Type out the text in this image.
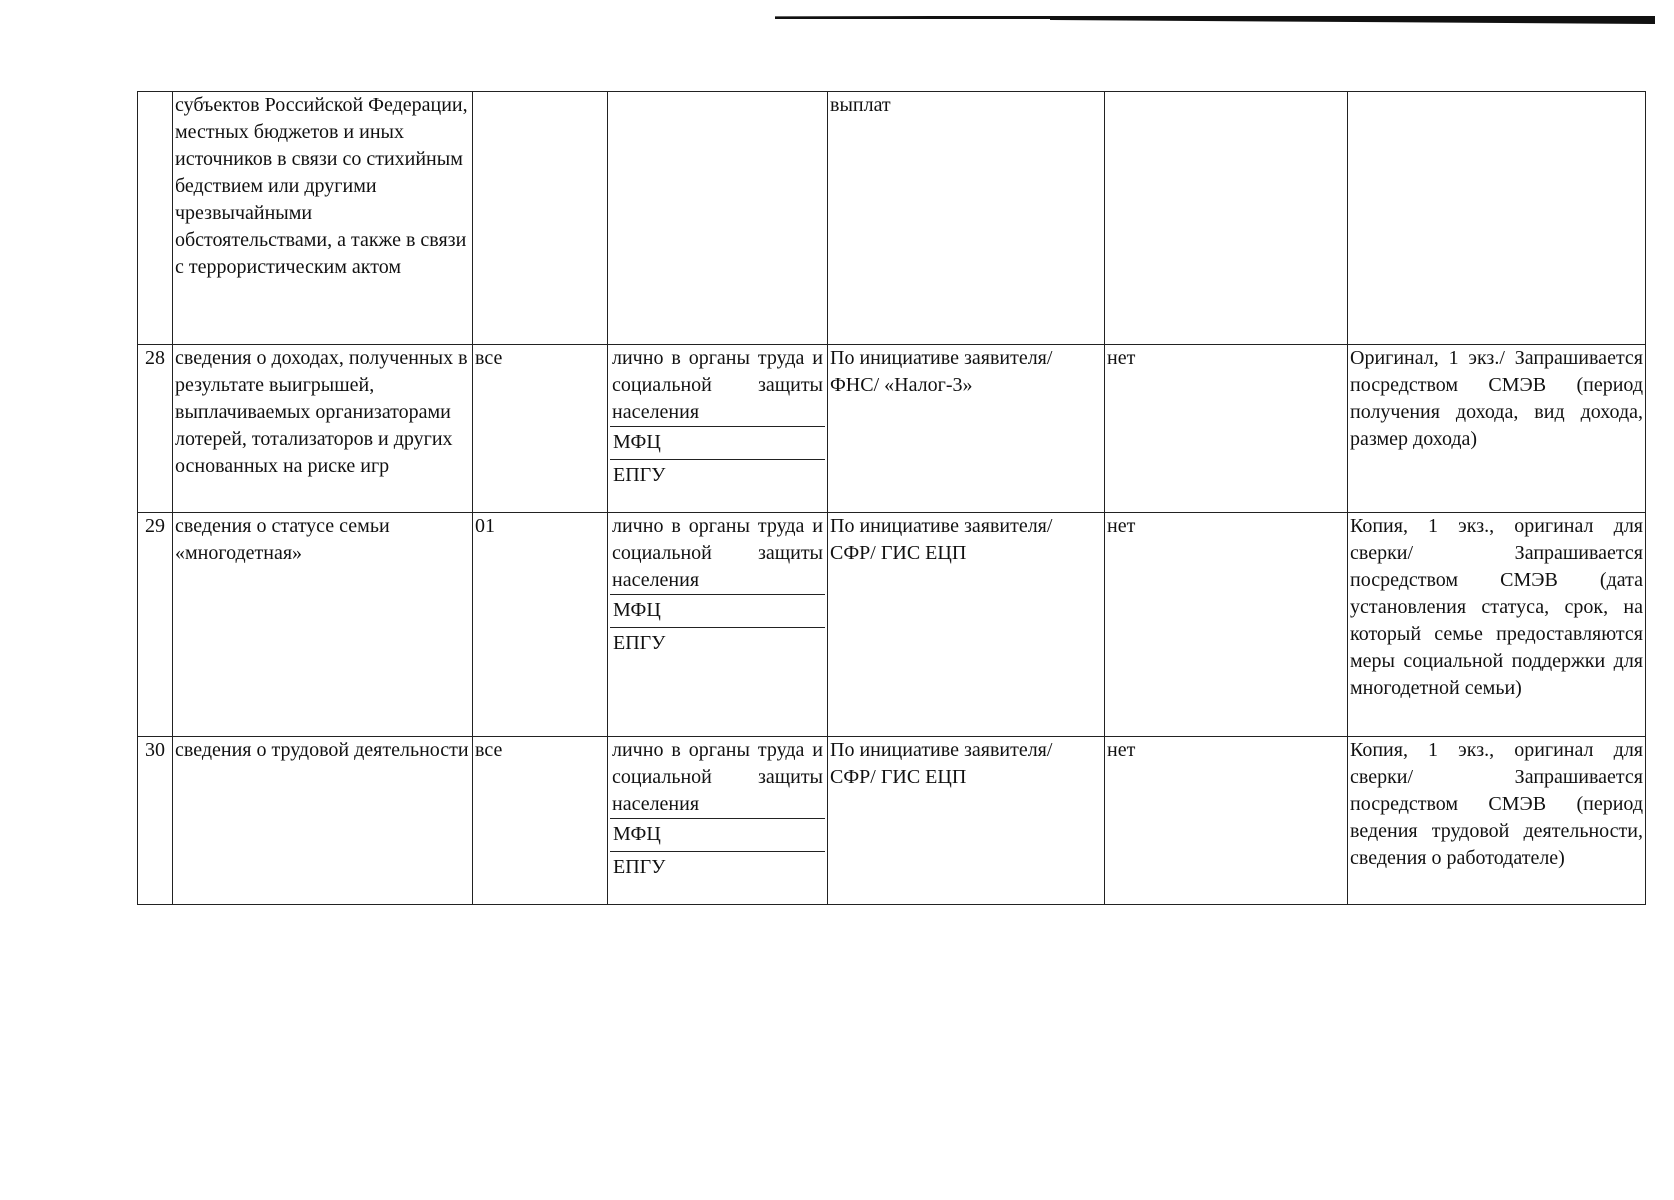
	субъектов Российской Федерации, местных бюджетов и иных источников в связи со стихийным бедствием или другими чрезвычайными обстоятельствами, а также в связи с террористическим актом			выплат		
28	сведения о доходах, полученных в результате выигрышей, выплачиваемых организаторами лотерей, тотализаторов и других основанных на риске игр	все	лично в органы труда и социальной защиты населения
МФЦ
ЕПГУ	По инициативе заявителя/ ФНС/ «Налог-3»	нет	Оригинал, 1 экз./ Запрашивается посредством СМЭВ (период получения дохода, вид дохода, размер дохода)
29	сведения о статусе семьи «многодетная»	01	лично в органы труда и социальной защиты населения
МФЦ
ЕПГУ	По инициативе заявителя/ СФР/ ГИС ЕЦП	нет	Копия, 1 экз., оригинал для сверки/ Запрашивается посредством СМЭВ (дата установления статуса, срок, на который семье предоставляются меры социальной поддержки для многодетной семьи)
30	сведения о трудовой деятельности	все	лично в органы труда и социальной защиты населения
МФЦ
ЕПГУ	По инициативе заявителя/ СФР/ ГИС ЕЦП	нет	Копия, 1 экз., оригинал для сверки/ Запрашивается посредством СМЭВ (период ведения трудовой деятельности, сведения о работодателе)
